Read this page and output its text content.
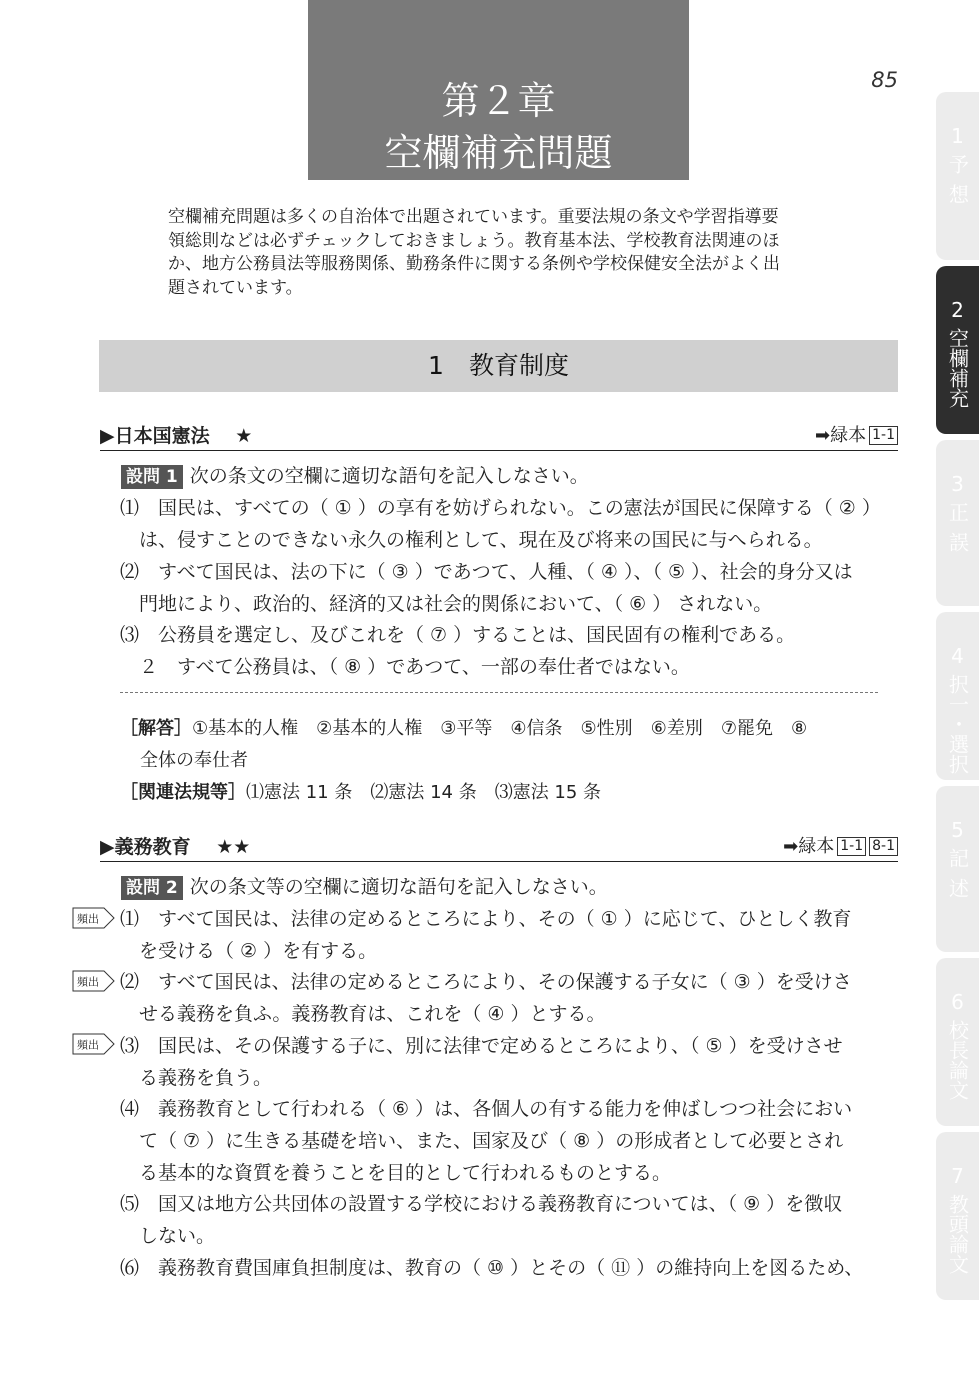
第２章
空欄補充問題
85
空欄補充問題は多くの自治体で出題されています。重要法規の条文や学習指導要
領総則などは必ずチェックしておきましょう。教育基本法、学校教育法関連のほ
か、地方公務員法等服務関係、勤務条件に関する条例や学校保健安全法がよく出
題されています。
1　教育制度
▶日本国憲法　 ★	➡緑本 1-1
設問 1 次の条文の空欄に適切な語句を記入しなさい。
⑴　国民は、すべての（ ① ）の享有を妨げられない。この憲法が国民に保障する（ ② ）
　は、侵すことのできない永久の権利として、現在及び将来の国民に与へられる。
⑵　すべて国民は、法の下に（ ③ ）であつて、人種、（ ④ ）、（ ⑤ ）、社会的身分又は
　門地により、政治的、経済的又は社会的関係において、（ ⑥ ） されない。
⑶　公務員を選定し、及びこれを（ ⑦ ）することは、国民固有の権利である。
　２　すべて公務員は、（ ⑧ ）であつて、一部の奉仕者ではない。
［解答］①基本的人権　②基本的人権　③平等　④信条　⑤性別　⑥差別　⑦罷免　⑧
全体の奉仕者
［関連法規等］⑴憲法 11 条　⑵憲法 14 条　⑶憲法 15 条
▶義務教育　 ★★	➡緑本 1-1 8-1
設問 2 次の条文等の空欄に適切な語句を記入しなさい。
頻出
頻出
頻出
⑴　すべて国民は、法律の定めるところにより、その（ ① ）に応じて、ひとしく教育
　を受ける（ ② ）を有する。
⑵　すべて国民は、法律の定めるところにより、その保護する子女に（ ③ ）を受けさ
　せる義務を負ふ。義務教育は、これを（ ④ ）とする。
⑶　国民は、その保護する子に、別に法律で定めるところにより、（ ⑤ ）を受けさせ
　る義務を負う。
⑷　義務教育として行われる（ ⑥ ）は、各個人の有する能力を伸ばしつつ社会におい
　て（ ⑦ ）に生きる基礎を培い、また、国家及び（ ⑧ ）の形成者として必要とされ
　る基本的な資質を養うことを目的として行われるものとする。
⑸　国又は地方公共団体の設置する学校における義務教育については、（ ⑨ ）を徴収
　しない。
⑹　義務教育費国庫負担制度は、教育の（ ⑩ ）とその（ ⑪ ）の維持向上を図るため、
1
予想
2
空欄補充
3
正誤
4
択一・選択
5
記述
6
校長論文
7
教頭論文
